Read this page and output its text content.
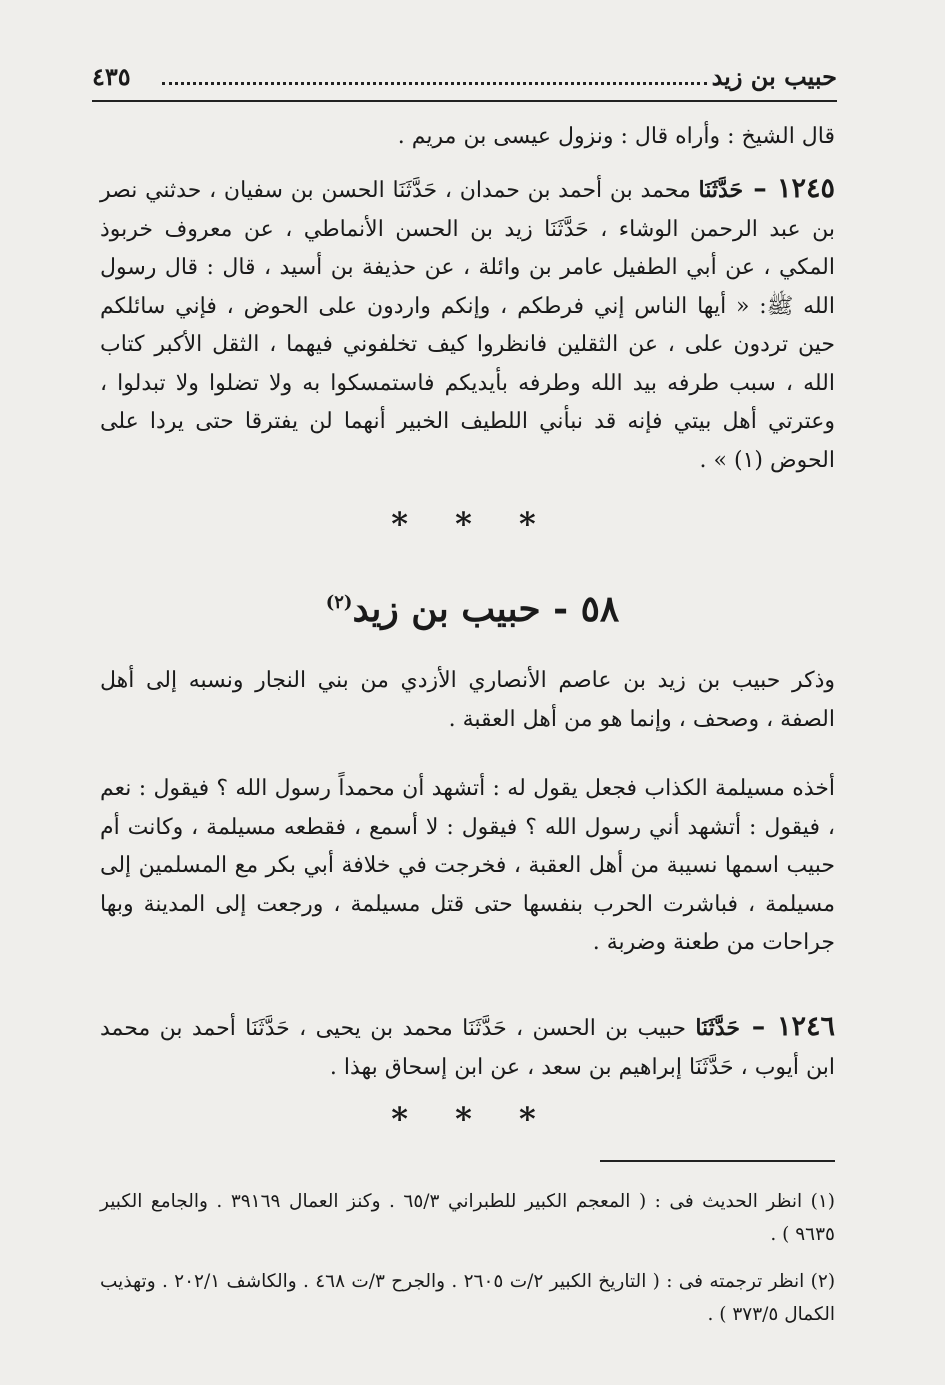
حبيب بن زيد
٤٣٥

قال الشيخ : وأراه قال : ونزول عيسى بن مريم .

١٢٤٥ – حَدَّثَنَا محمد بن أحمد بن حمدان ، حَدَّثَنَا الحسن بن سفيان ، حدثني نصر بن عبد الرحمن الوشاء ، حَدَّثَنَا زيد بن الحسن الأنماطي ، عن معروف خربوذ المكي ، عن أبي الطفيل عامر بن وائلة ، عن حذيفة بن أسيد ، قال : قال رسول الله ﷺ: « أيها الناس إني فرطكم ، وإنكم واردون على الحوض ، فإني سائلكم حين تردون على ، عن الثقلين فانظروا كيف تخلفوني فيهما ، الثقل الأكبر كتاب الله ، سبب طرفه بيد الله وطرفه بأيديكم فاستمسكوا به ولا تضلوا ولا تبدلوا ، وعترتي أهل بيتي فإنه قد نبأني اللطيف الخبير أنهما لن يفترقا حتى يردا على الحوض (١) » .

* * *
٥٨ - حبيب بن زيد$^{(٢)}$

وذكر حبيب بن زيد بن عاصم الأنصاري الأزدي من بني النجار ونسبه إلى أهل الصفة ، وصحف ، وإنما هو من أهل العقبة .

أخذه مسيلمة الكذاب فجعل يقول له : أتشهد أن محمداً رسول الله ؟ فيقول : نعم ، فيقول : أتشهد أني رسول الله ؟ فيقول : لا أسمع ، فقطعه مسيلمة ، وكانت أم حبيب اسمها نسيبة من أهل العقبة ، فخرجت في خلافة أبي بكر مع المسلمين إلى مسيلمة ، فباشرت الحرب بنفسها حتى قتل مسيلمة ، ورجعت إلى المدينة وبها جراحات من طعنة وضربة .

١٢٤٦ – حَدَّثَنَا حبيب بن الحسن ، حَدَّثَنَا محمد بن يحيى ، حَدَّثَنَا أحمد بن محمد ابن أيوب ، حَدَّثَنَا إبراهيم بن سعد ، عن ابن إسحاق بهذا .

* * *

(١) انظر الحديث فى : ( المعجم الكبير للطبراني ٦٥/٣ . وكنز العمال ٣٩١٦٩ . والجامع الكبير ٩٦٣٥ ) .

(٢) انظر ترجمته فى : ( التاريخ الكبير ٢/ت ٢٦٠٥ . والجرح ٣/ت ٤٦٨ . والكاشف ٢٠٢/١ . وتهذيب الكمال ٣٧٣/٥ ) .
